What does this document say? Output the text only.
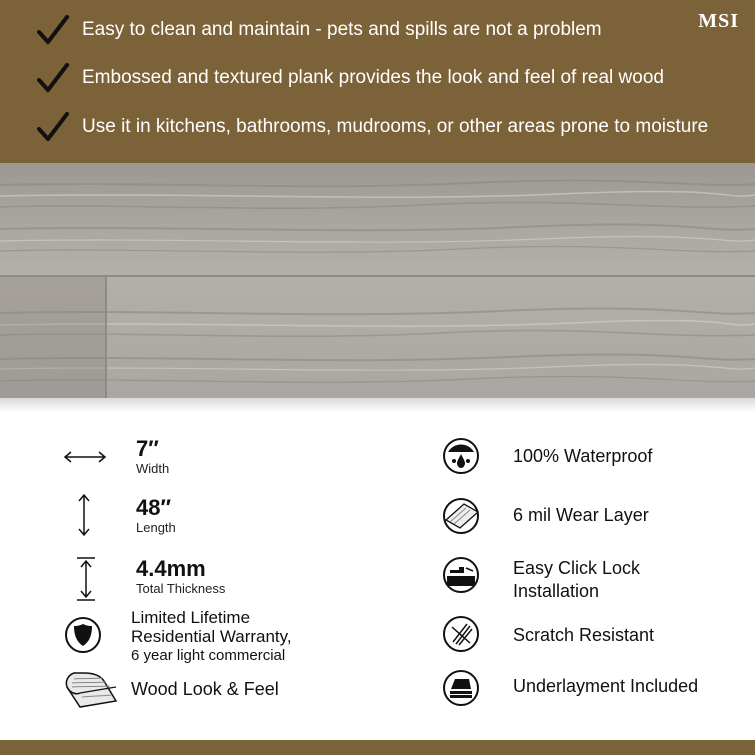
MSI
Easy to clean and maintain - pets and spills are not a problem
Embossed and textured plank provides the look and feel of real wood
Use it in kitchens, bathrooms, mudrooms, or other areas prone to moisture
7″
Width
48″
Length
4.4mm
Total Thickness
Limited Lifetime
Residential Warranty,
6 year light commercial
Wood Look & Feel
100% Waterproof
6 mil Wear Layer
Easy Click Lock
Installation
Scratch Resistant
Underlayment Included
